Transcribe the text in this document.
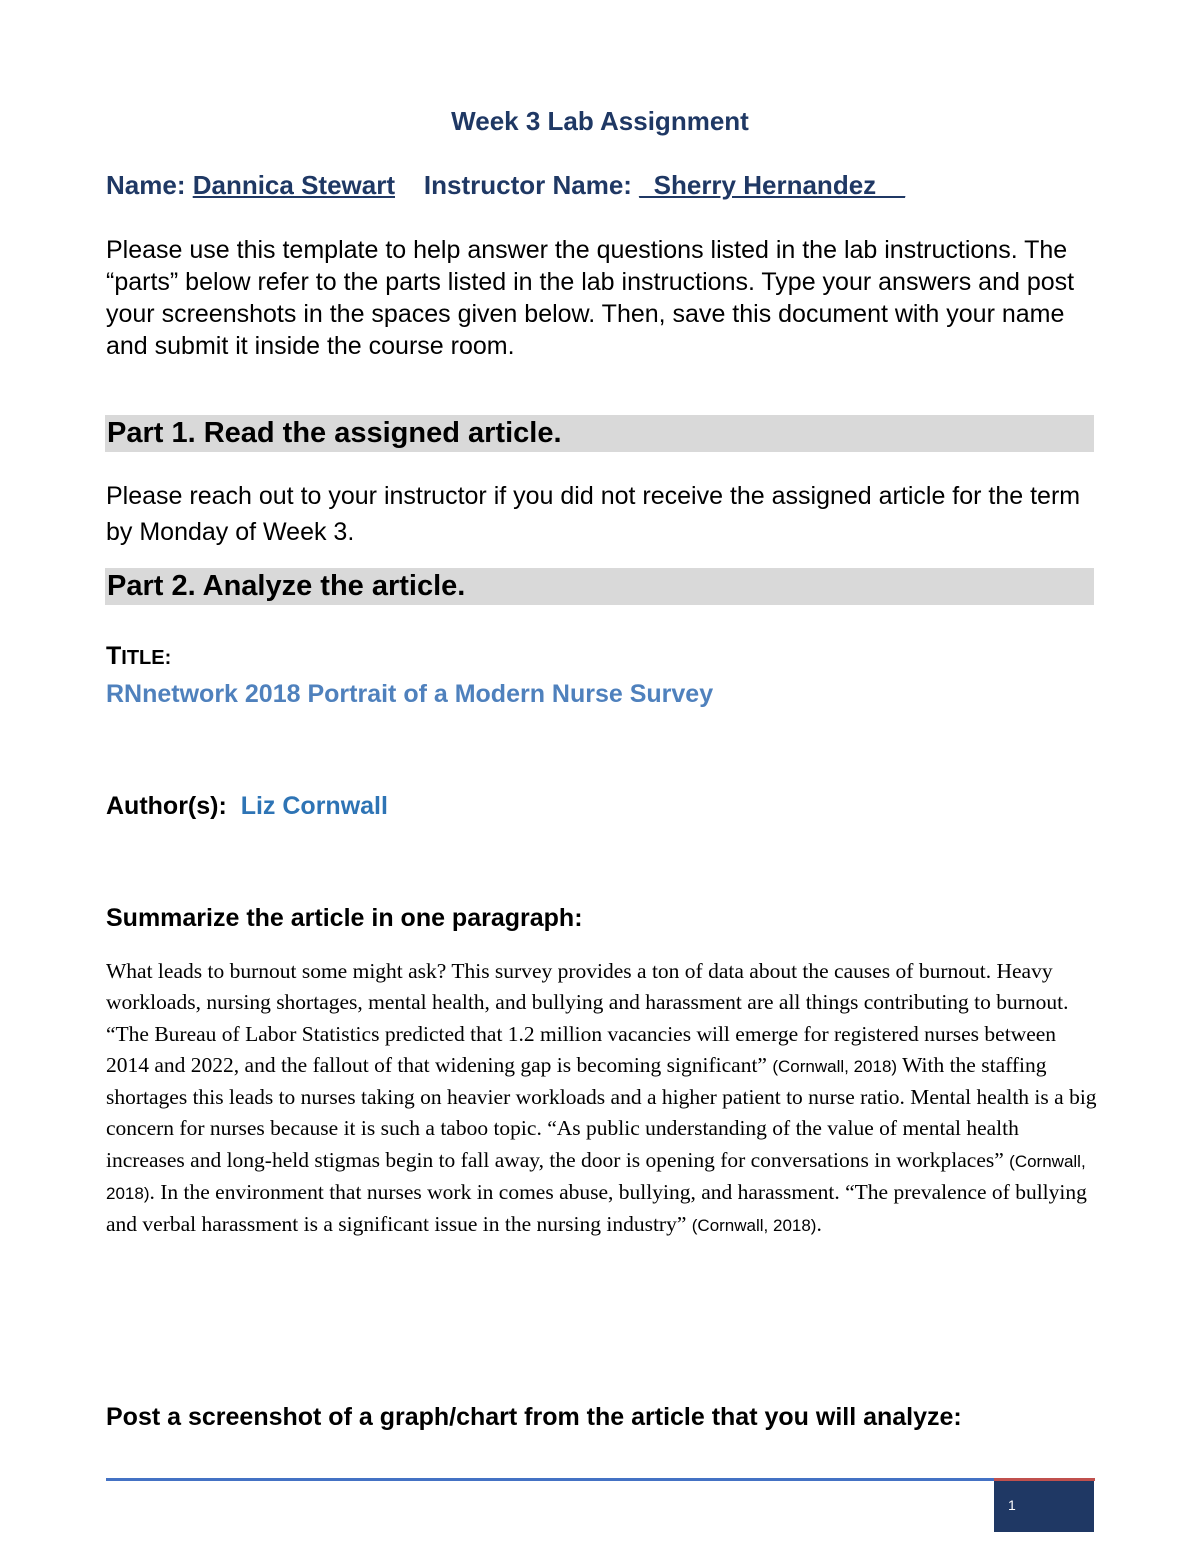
Week 3 Lab Assignment
Name: Dannica Stewart Instructor Name: _Sherry Hernandez__

Please use this template to help answer the questions listed in the lab instructions. The “parts” below refer to the parts listed in the lab instructions. Type your answers and post your screenshots in the spaces given below. Then, save this document with your name and submit it inside the course room.

Part 1. Read the assigned article.

Please reach out to your instructor if you did not receive the assigned article for the term by Monday of Week 3.

Part 2. Analyze the article.
TITLE:
RNnetwork 2018 Portrait of a Modern Nurse Survey
Author(s): Liz Cornwall
Summarize the article in one paragraph:

What leads to burnout some might ask? This survey provides a ton of data about the causes of burnout. Heavy workloads, nursing shortages, mental health, and bullying and harassment are all things contributing to burnout. “The Bureau of Labor Statistics predicted that 1.2 million vacancies will emerge for registered nurses between 2014 and 2022, and the fallout of that widening gap is becoming significant” (Cornwall, 2018) With the staffing shortages this leads to nurses taking on heavier workloads and a higher patient to nurse ratio. Mental health is a big concern for nurses because it is such a taboo topic. “As public understanding of the value of mental health increases and long-held stigmas begin to fall away, the door is opening for conversations in workplaces” (Cornwall, 2018). In the environment that nurses work in comes abuse, bullying, and harassment. “The prevalence of bullying and verbal harassment is a significant issue in the nursing industry” (Cornwall, 2018).

Post a screenshot of a graph/chart from the article that you will analyze:
1
